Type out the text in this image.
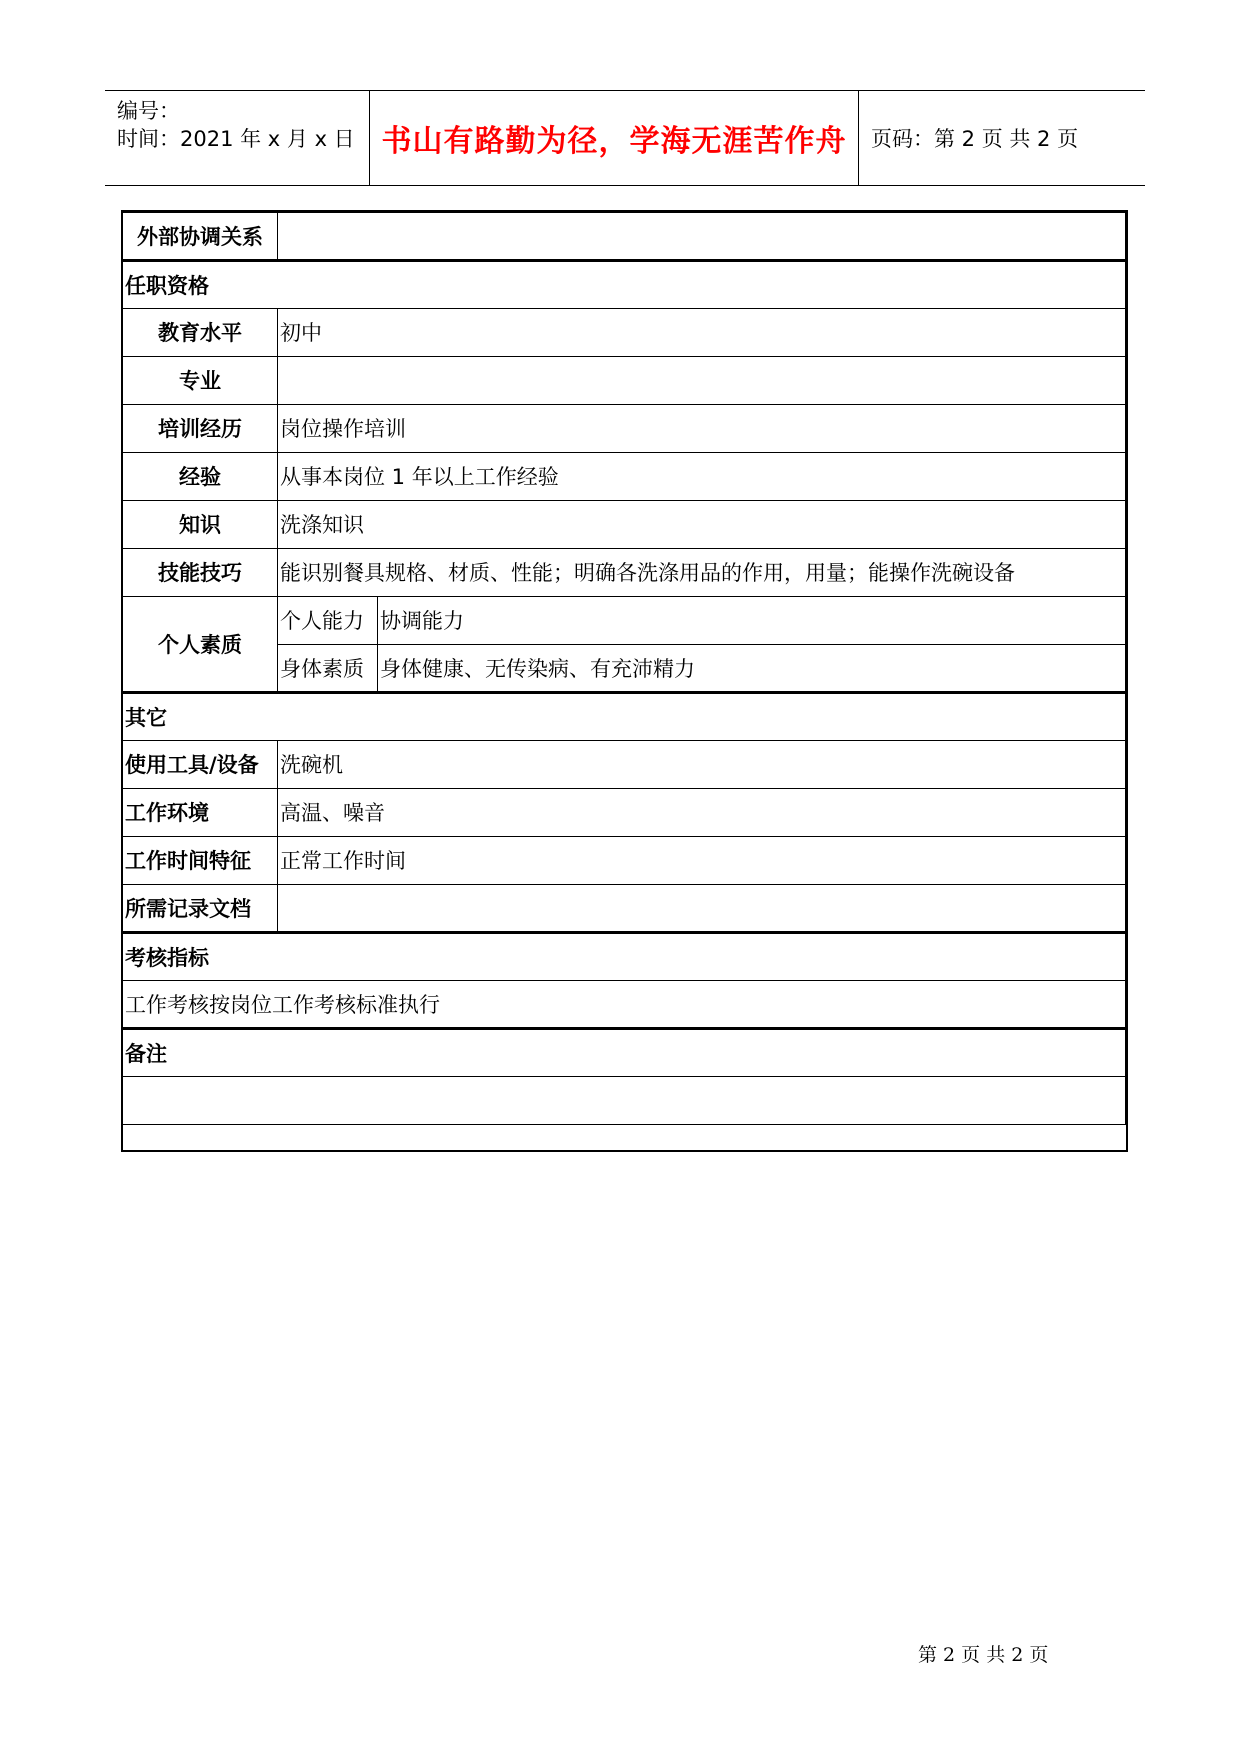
编号：
时间：2021 年 x 月 x 日 书山有路勤为径，学海无涯苦作舟 页码：第 2 页 共 2 页
外部协调关系		
任职资格		
教育水平	初中	
专业		
培训经历	岗位操作培训	
经验	从事本岗位 1 年以上工作经验	
知识	洗涤知识	
技能技巧	能识别餐具规格、材质、性能；明确各洗涤用品的作用，用量；能操作洗碗设备	
个人素质	个人能力	协调能力
	身体素质	身体健康、无传染病、有充沛精力
其它		
使用工具/设备	洗碗机	
工作环境	高温、噪音	
工作时间特征	正常工作时间	
所需记录文档		
考核指标		
工作考核按岗位工作考核标准执行		
备注		

第 2 页 共 2 页
